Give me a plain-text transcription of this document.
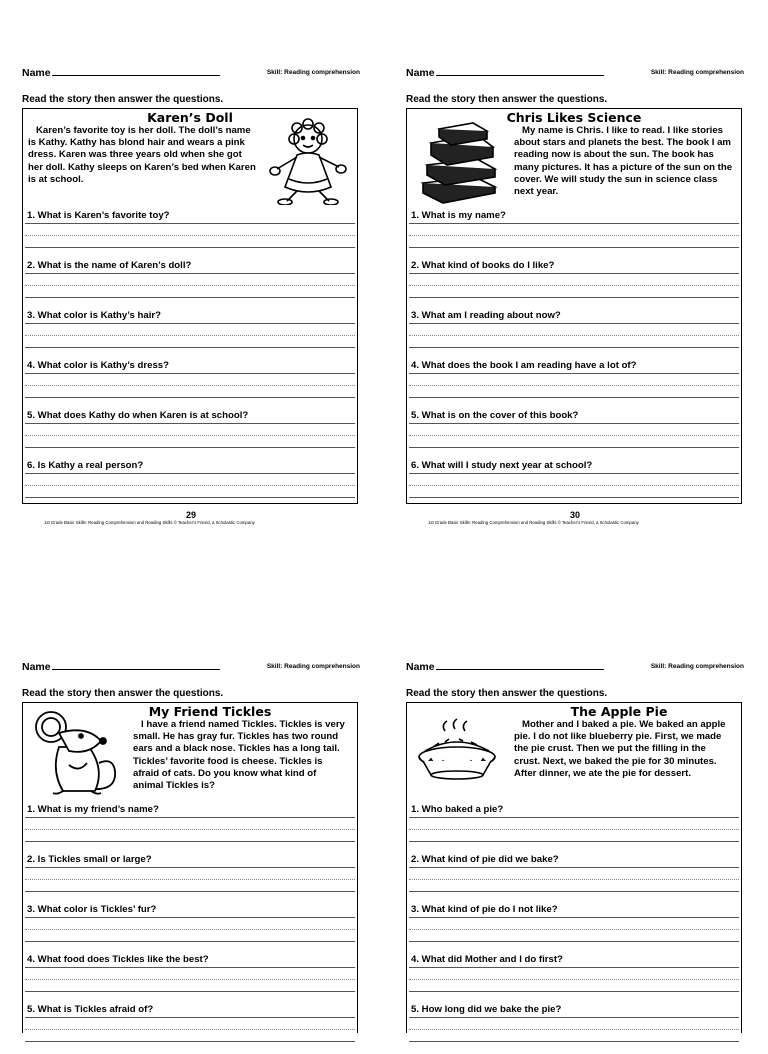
Name	Skill: Reading comprehension
Read the story then answer the questions.
Karen’s Doll
Karen’s favorite toy is her doll. The doll’s name is Kathy. Kathy has blond hair and wears a pink dress. Karen was three years old when she got her doll. Kathy sleeps on Karen’s bed when Karen is at school.
1. What is Karen’s favorite toy?
2. What is the name of Karen’s doll?
3. What color is Kathy’s hair?
4. What color is Kathy’s dress?
5. What does Kathy do when Karen is at school?
6. Is Kathy a real person?
29
1st Grade Basic Skills: Reading Comprehension and Reading Skills © Teacher's Friend, a Scholastic Company
Name	Skill: Reading comprehension
Read the story then answer the questions.
Chris Likes Science
My name is Chris. I like to read. I like stories about stars and planets the best. The book I am reading now is about the sun. The book has many pictures. It has a picture of the sun on the cover. We will study the sun in science class next year.
1. What is my name?
2. What kind of books do I like?
3. What am I reading about now?
4. What does the book I am reading have a lot of?
5. What is on the cover of this book?
6. What will I study next year at school?
30
1st Grade Basic Skills: Reading Comprehension and Reading Skills © Teacher's Friend, a Scholastic Company
Name	Skill: Reading comprehension
Read the story then answer the questions.
My Friend Tickles
I have a friend named Tickles. Tickles is very small. He has gray fur. Tickles has two round ears and a black nose. Tickles has a long tail. Tickles’ favorite food is cheese. Tickles is afraid of cats. Do you know what kind of animal Tickles is?
1. What is my friend’s name?
2. Is Tickles small or large?
3. What color is Tickles’ fur?
4. What food does Tickles like the best?
5. What is Tickles afraid of?
Name	Skill: Reading comprehension
Read the story then answer the questions.
The Apple Pie
Mother and I baked a pie. We baked an apple pie. I do not like blueberry pie. First, we made the pie crust. Then we put the filling in the crust. Next, we baked the pie for 30 minutes. After dinner, we ate the pie for dessert.
1. Who baked a pie?
2. What kind of pie did we bake?
3. What kind of pie do I not like?
4. What did Mother and I do first?
5. How long did we bake the pie?
